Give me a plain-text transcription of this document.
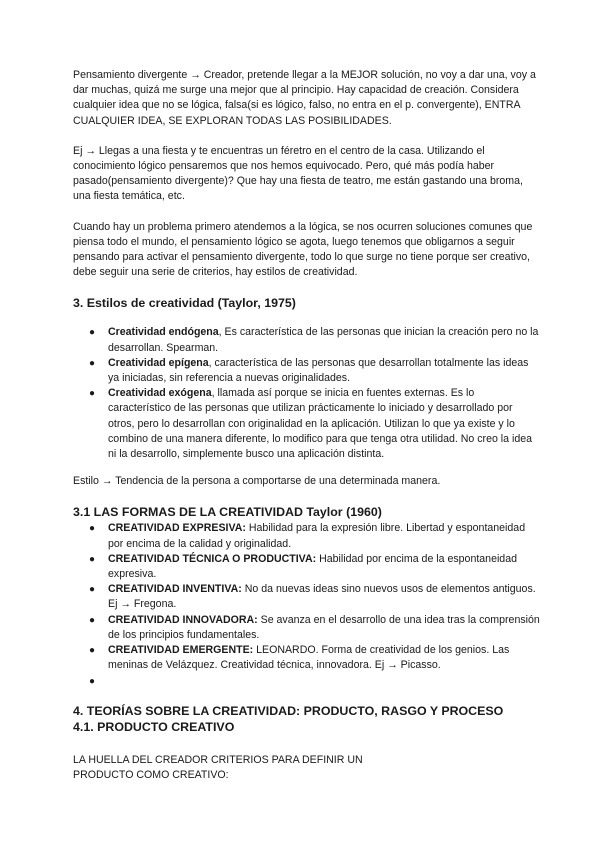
Pensamiento divergente → Creador, pretende llegar a la MEJOR solución, no voy a dar una, voy a dar muchas, quizá me surge una mejor que al principio. Hay capacidad de creación. Considera cualquier idea que no se lógica, falsa(si es lógico, falso, no entra en el p. convergente), ENTRA CUALQUIER IDEA, SE EXPLORAN TODAS LAS POSIBILIDADES.

Ej → Llegas a una fiesta y te encuentras un féretro en el centro de la casa. Utilizando el conocimiento lógico pensaremos que nos hemos equivocado. Pero, qué más podía haber pasado(pensamiento divergente)? Que hay una fiesta de teatro, me están gastando una broma, una fiesta temática, etc.

Cuando hay un problema primero atendemos a la lógica, se nos ocurren soluciones comunes que piensa todo el mundo, el pensamiento lógico se agota, luego tenemos que obligarnos a seguir pensando para activar el pensamiento divergente, todo lo que surge no tiene porque ser creativo, debe seguir una serie de criterios, hay estilos de creatividad.

3. Estilos de creatividad (Taylor, 1975)
● Creatividad endógena, Es característica de las personas que inician la creación pero no la desarrollan. Spearman.
● Creatividad epígena, característica de las personas que desarrollan totalmente las ideas ya iniciadas, sin referencia a nuevas originalidades.
● Creatividad exógena, llamada así porque se inicia en fuentes externas. Es lo característico de las personas que utilizan prácticamente lo iniciado y desarrollado por otros, pero lo desarrollan con originalidad en la aplicación. Utilizan lo que ya existe y lo combino de una manera diferente, lo modifico para que tenga otra utilidad. No creo la idea ni la desarrollo, simplemente busco una aplicación distinta.

Estilo → Tendencia de la persona a comportarse de una determinada manera.

3.1 LAS FORMAS DE LA CREATIVIDAD Taylor (1960)
● CREATIVIDAD EXPRESIVA: Habilidad para la expresión libre. Libertad y espontaneidad por encima de la calidad y originalidad.
● CREATIVIDAD TÉCNICA O PRODUCTIVA: Habilidad por encima de la espontaneidad expresiva.
● CREATIVIDAD INVENTIVA: No da nuevas ideas sino nuevos usos de elementos antiguos. Ej → Fregona.
● CREATIVIDAD INNOVADORA: Se avanza en el desarrollo de una idea tras la comprensión de los principios fundamentales.
● CREATIVIDAD EMERGENTE: LEONARDO. Forma de creatividad de los genios. Las meninas de Velázquez. Creatividad técnica, innovadora. Ej → Picasso.
●
4. TEORÍAS SOBRE LA CREATIVIDAD: PRODUCTO, RASGO Y PROCESO
4.1. PRODUCTO CREATIVO

LA HUELLA DEL CREADOR CRITERIOS PARA DEFINIR UN PRODUCTO COMO CREATIVO:
